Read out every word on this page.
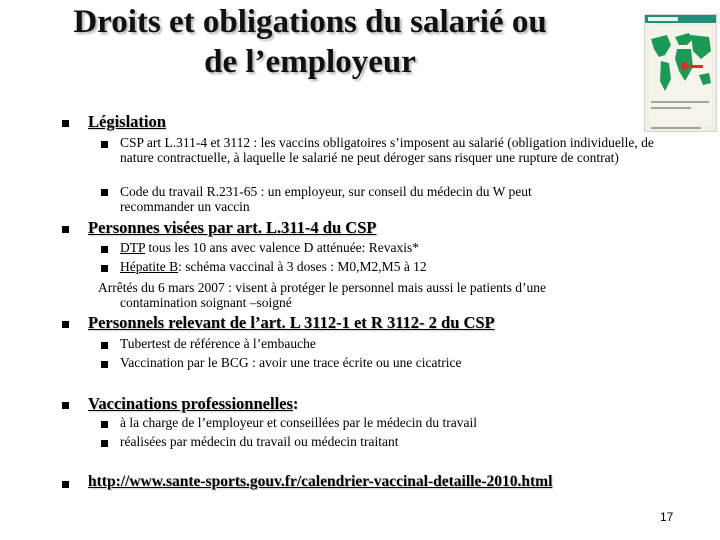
Droits et obligations du salarié ou
de l’employeur
Législation
CSP art L.311-4 et 3112 : les vaccins obligatoires s’imposent au salarié (obligation individuelle, de nature contractuelle, à laquelle le salarié ne peut déroger sans risquer une rupture de contrat)
Code du travail R.231-65 : un employeur, sur conseil du médecin du W peut recommander un vaccin
Personnes visées par art. L.311-4 du CSP
DTP tous les 10 ans avec valence D atténuée: Revaxis*
Hépatite B: schéma vaccinal à 3 doses : M0,M2,M5 à 12
Arrêtés du 6 mars 2007 : visent à protéger le personnel mais aussi le patients d’une
contamination soignant –soigné
Personnels relevant de l’art. L 3112-1 et R 3112- 2 du CSP
Tubertest de référence à l’embauche
Vaccination par le BCG : avoir une trace écrite ou une cicatrice
Vaccinations professionnelles:
à la charge de l’employeur et conseillées par le médecin du travail
réalisées par médecin du travail ou médecin traitant
http://www.sante-sports.gouv.fr/calendrier-vaccinal-detaille-2010.html
17
